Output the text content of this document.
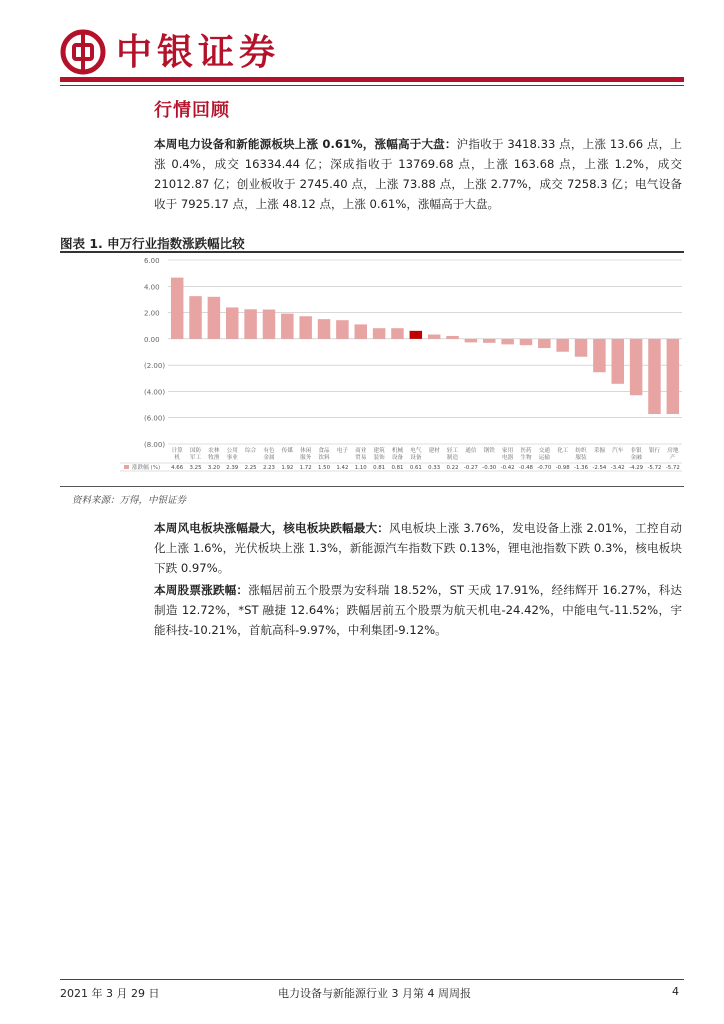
中银证券
行情回顾

本周电力设备和新能源板块上涨 0.61%，涨幅高于大盘：沪指收于 3418.33 点，上涨 13.66 点，上涨 0.4%，成交 16334.44 亿；深成指收于 13769.68 点，上涨 163.68 点，上涨 1.2%，成交 21012.87 亿；创业板收于 2745.40 点，上涨 73.88 点，上涨 2.77%，成交 7258.3 亿；电气设备收于 7925.17 点，上涨 48.12 点，上涨 0.61%，涨幅高于大盘。

图表 1. 申万行业指数涨跌幅比较
6.00
4.00
2.00
0.00
(2.00)
(4.00)
(6.00)
(8.00)
计算
机
国防
军工
农林
牧渔
公用
事业
综合 有色
金属
传媒 休闲
服务
食品
饮料
电子 商业
贸易
建筑
装饰
机械
设备
电气
设备
建材 轻工
制造
通信 钢铁 家用
电器
医药
生物
交通
运输
化工 纺织
服装
采掘 汽车 非银
金融
银行 房地
产
涨跌幅 (%) 4.66 3.25 3.20 2.39 2.25 2.23 1.92 1.72 1.50 1.42 1.10 0.81 0.81 0.61 0.33 0.22 -0.27 -0.30 -0.42 -0.48 -0.70 -0.98 -1.36 -2.54 -3.42 -4.29 -5.72 -5.72
资料来源：万得，中银证券

本周风电板块涨幅最大，核电板块跌幅最大：风电板块上涨 3.76%，发电设备上涨 2.01%，工控自动化上涨 1.6%，光伏板块上涨 1.3%，新能源汽车指数下跌 0.13%，锂电池指数下跌 0.3%，核电板块下跌 0.97%。

本周股票涨跌幅：涨幅居前五个股票为安科瑞 18.52%，ST 天成 17.91%，经纬辉开 16.27%，科达制造 12.72%，*ST 融捷 12.64%；跌幅居前五个股票为航天机电-24.42%，中能电气-11.52%，宇能科技-10.21%，首航高科-9.97%，中利集团-9.12%。

2021 年 3 月 29 日	电力设备与新能源行业 3 月第 4 周周报	4
